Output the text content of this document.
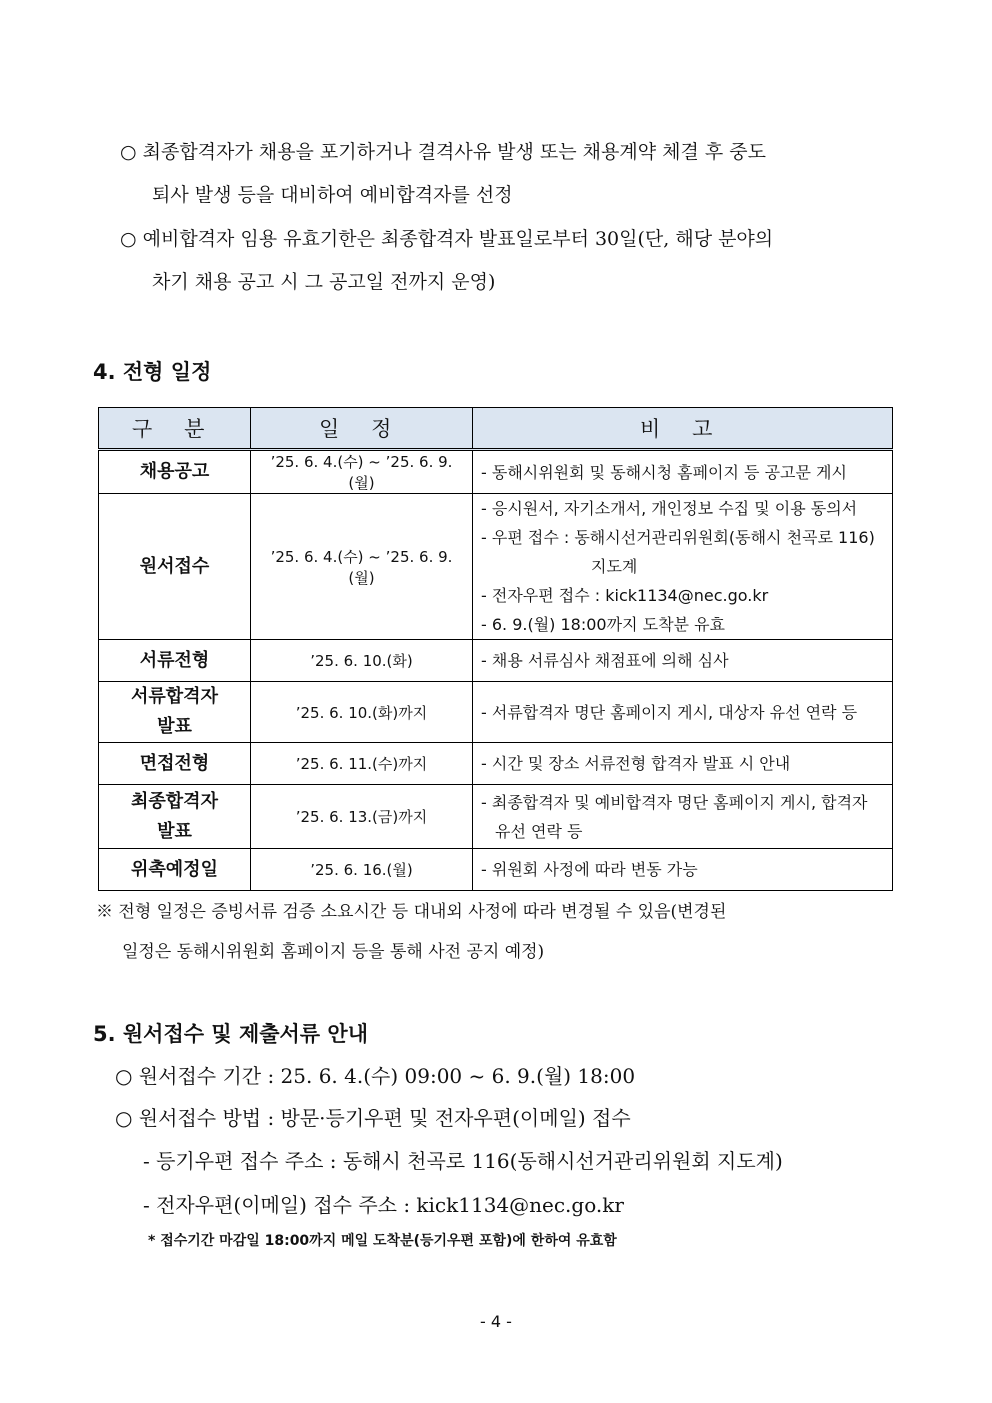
○ 최종합격자가 채용을 포기하거나 결격사유 발생 또는 채용계약 체결 후 중도
퇴사 발생 등을 대비하여 예비합격자를 선정
○ 예비합격자 임용 유효기한은 최종합격자 발표일로부터 30일(단, 해당 분야의
차기 채용 공고 시 그 공고일 전까지 운영)
4. 전형 일정
구 분	일 정	비 고
채용공고	’25. 6. 4.(수) ~ ’25. 6. 9.(월)	- 동해시위원회 및 동해시청 홈페이지 등 공고문 게시
원서접수	’25. 6. 4.(수) ~ ’25. 6. 9.(월)	- 응시원서, 자기소개서, 개인정보 수집 및 이용 동의서
- 우편 접수 : 동해시선거관리위원회(동해시 천곡로 116)
지도계
- 전자우편 접수 : kick1134@nec.go.kr
- 6. 9.(월) 18:00까지 도착분 유효

서류전형	’25. 6. 10.(화)	- 채용 서류심사 채점표에 의해 심사

서류합격자
발표	’25. 6. 10.(화)까지	- 서류합격자 명단 홈페이지 게시, 대상자 유선 연락 등
면접전형	’25. 6. 11.(수)까지	- 시간 및 장소 서류전형 합격자 발표 시 안내

최종합격자
발표	’25. 6. 13.(금)까지	- 최종합격자 및 예비합격자 명단 홈페이지 게시, 합격자
유선 연락 등

위촉예정일	’25. 6. 16.(월)	- 위원회 사정에 따라 변동 가능
※ 전형 일정은 증빙서류 검증 소요시간 등 대내외 사정에 따라 변경될 수 있음(변경된
일정은 동해시위원회 홈페이지 등을 통해 사전 공지 예정)
5. 원서접수 및 제출서류 안내
○ 원서접수 기간 : 25. 6. 4.(수) 09:00 ~ 6. 9.(월) 18:00
○ 원서접수 방법 : 방문·등기우편 및 전자우편(이메일) 접수
- 등기우편 접수 주소 : 동해시 천곡로 116(동해시선거관리위원회 지도계)
- 전자우편(이메일) 접수 주소 : kick1134@nec.go.kr
* 접수기간 마감일 18:00까지 메일 도착분(등기우편 포함)에 한하여 유효함
- 4 -
